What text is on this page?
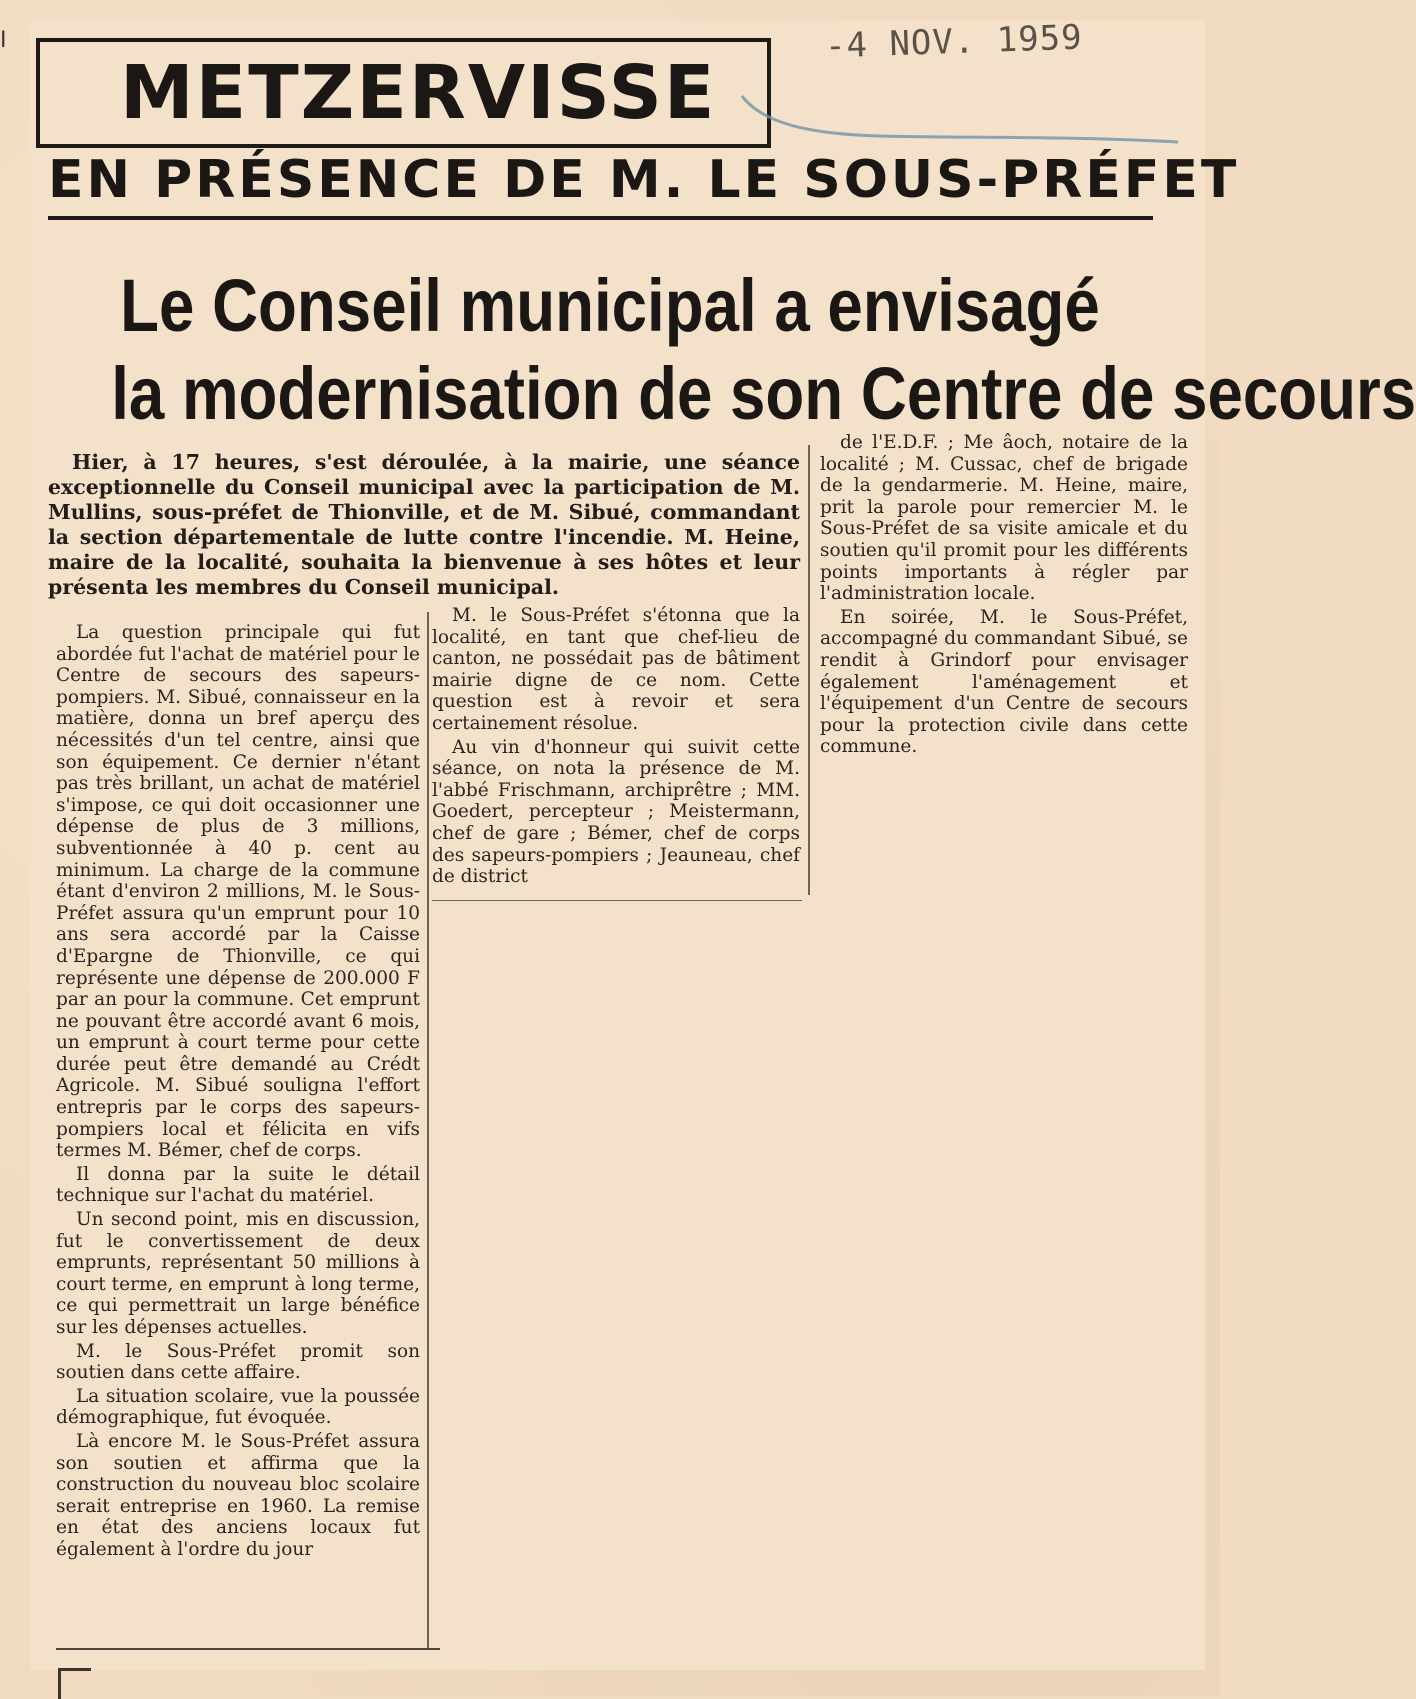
I	-4 NOV. 1959
METZERVISSE
EN PRÉSENCE DE M. LE SOUS-PRÉFET
Le Conseil municipal a envisagé
la modernisation de son Centre de secours
Hier, à 17 heures, s'est déroulée, à la mairie, une séance exceptionnelle du Conseil municipal avec la participation de M. Mullins, sous-préfet de Thionville, et de M. Sibué, commandant la section départementale de lutte contre l'incendie. M. Heine, maire de la localité, souhaita la bienvenue à ses hôtes et leur présenta les membres du Conseil municipal.

La question principale qui fut abordée fut l'achat de matériel pour le Centre de secours des sapeurs-pompiers. M. Sibué, connaisseur en la matière, donna un bref aperçu des nécessités d'un tel centre, ainsi que son équipement. Ce dernier n'étant pas très brillant, un achat de matériel s'impose, ce qui doit occasionner une dépense de plus de 3 millions, subventionnée à 40 p. cent au minimum. La charge de la commune étant d'environ 2 millions, M. le Sous-Préfet assura qu'un emprunt pour 10 ans sera accordé par la Caisse d'Epargne de Thionville, ce qui représente une dépense de 200.000 F par an pour la commune. Cet emprunt ne pouvant être accordé avant 6 mois, un emprunt à court terme pour cette durée peut être demandé au Crédt Agricole. M. Sibué souligna l'effort entrepris par le corps des sapeurs-pompiers local et félicita en vifs termes M. Bémer, chef de corps.

Il donna par la suite le détail technique sur l'achat du matériel.

Un second point, mis en discussion, fut le convertissement de deux emprunts, représentant 50 millions à court terme, en emprunt à long terme, ce qui permettrait un large bénéfice sur les dépenses actuelles.

M. le Sous-Préfet promit son soutien dans cette affaire.

La situation scolaire, vue la poussée démographique, fut évoquée.

Là encore M. le Sous-Préfet assura son soutien et affirma que la construction du nouveau bloc scolaire serait entreprise en 1960. La remise en état des anciens locaux fut également à l'ordre du jour

M. le Sous-Préfet s'étonna que la localité, en tant que chef-lieu de canton, ne possédait pas de bâtiment mairie digne de ce nom. Cette question est à revoir et sera certainement résolue.

Au vin d'honneur qui suivit cette séance, on nota la présence de M. l'abbé Frischmann, archiprêtre ; MM. Goedert, percepteur ; Meistermann, chef de gare ; Bémer, chef de corps des sapeurs-pompiers ; Jeauneau, chef de district

de l'E.D.F. ; Me âoch, notaire de la localité ; M. Cussac, chef de brigade de la gendarmerie. M. Heine, maire, prit la parole pour remercier M. le Sous-Préfet de sa visite amicale et du soutien qu'il promit pour les différents points importants à régler par l'administration locale.

En soirée, M. le Sous-Préfet, accompagné du commandant Sibué, se rendit à Grindorf pour envisager également l'aménagement et l'équipement d'un Centre de secours pour la protection civile dans cette commune.
